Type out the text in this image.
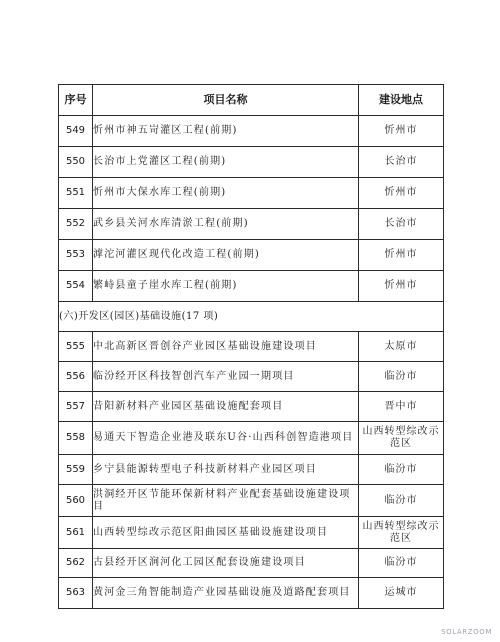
序号	项目名称	建设地点
549	忻州市神五岢灌区工程(前期)	忻州市
550	长治市上党灌区工程(前期)	长治市
551	忻州市大保水库工程(前期)	忻州市
552	武乡县关河水库清淤工程(前期)	长治市
553	滹沱河灌区现代化改造工程(前期)	忻州市
554	繁峙县童子崖水库工程(前期)	忻州市
(六)开发区(园区)基础设施(17 项)		
555	中北高新区晋创谷产业园区基础设施建设项目	太原市
556	临汾经开区科技智创汽车产业园一期项目	临汾市
557	昔阳新材料产业园区基础设施配套项目	晋中市
558	易通天下智造企业港及联东U谷·山西科创智造港项目	山西转型综改示范区
559	乡宁县能源转型电子科技新材料产业园区项目	临汾市
560	洪洞经开区节能环保新材料产业配套基础设施建设项目	临汾市
561	山西转型综改示范区阳曲园区基础设施建设项目	山西转型综改示范区
562	古县经开区涧河化工园区配套设施建设项目	临汾市
563	黄河金三角智能制造产业园基础设施及道路配套项目	运城市
SOLARZOOM
